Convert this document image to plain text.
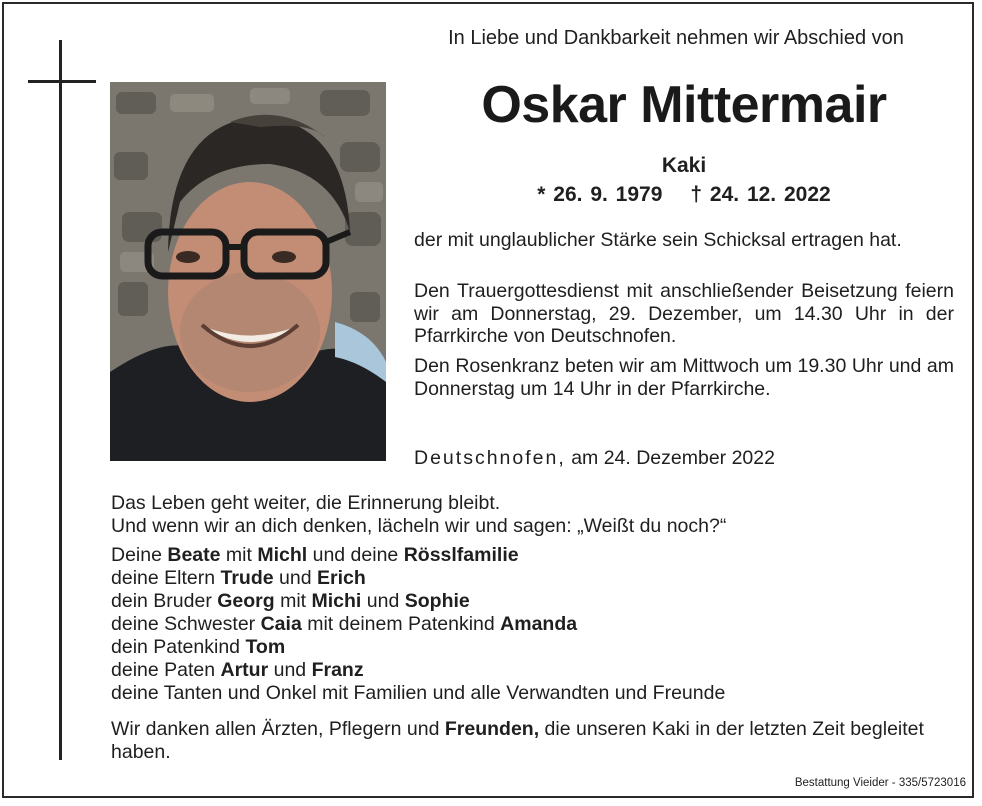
In Liebe und Dankbarkeit nehmen wir Abschied von
Oskar Mittermair
Kaki
* 26. 9. 1979 † 24. 12. 2022
der mit unglaublicher Stärke sein Schicksal ertragen hat.
Den Trauergottesdienst mit anschließender Beisetzung feiern wir am Donnerstag, 29. Dezember, um 14.30 Uhr in der Pfarrkirche von Deutschnofen.
Den Rosenkranz beten wir am Mittwoch um 19.30 Uhr und am Donnerstag um 14 Uhr in der Pfarrkirche.
Deutschnofen, am 24. Dezember 2022
Das Leben geht weiter, die Erinnerung bleibt.
Und wenn wir an dich denken, lächeln wir und sagen: „Weißt du noch?“
Deine Beate mit Michl und deine Rösslfamilie
deine Eltern Trude und Erich
dein Bruder Georg mit Michi und Sophie
deine Schwester Caia mit deinem Patenkind Amanda
dein Patenkind Tom
deine Paten Artur und Franz
deine Tanten und Onkel mit Familien und alle Verwandten und Freunde
Wir danken allen Ärzten, Pflegern und Freunden, die unseren Kaki in der letzten Zeit begleitet haben.
Bestattung Vieider - 335/5723016
